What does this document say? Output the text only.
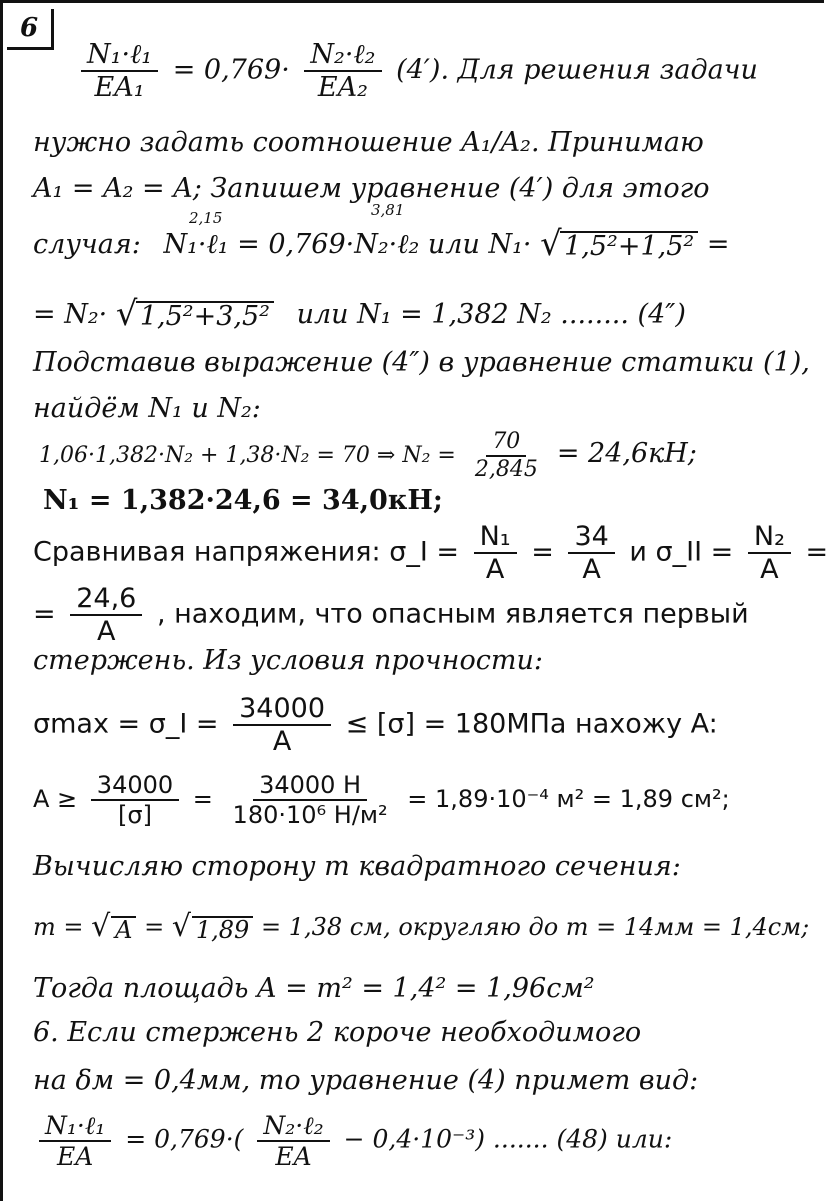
6
$\frac{\text{N₁·ℓ₁}}{\text{EA₁}} = 0,769\cdot \frac{\text{N₂·ℓ₂}}{\text{EA₂}} (4')$. Для решения задачи
нужно задать соотношение A₁/A₂. Принимаю
A₁ = A₂ = A; Запишем уравнение (4′) для этого
2,15	3,81
случая: N₁·ℓ₁ = 0,769·N₂·ℓ₂ или N₁· √ 1,5²+1,5² =
= N₂· √ 1,5²+3,5² или N₁ = 1,382 N₂ ........ (4″)
Подставив выражение (4″) в уравнение статики (1),
найдём N₁ и N₂:
1,06·1,382·N₂ + 1,38·N₂ = 70 ⇒ $N_2 = \frac{70}{2,845} = 24,6кН$;
N₁ = 1,382·24,6 = 34,0кН;
Сравнивая напряжения: σ_I = $\frac{\text{N₁}}{A} = \frac{34}{A}$ и σ_II = $\frac{\text{N₂}}{A}$ =
= $\frac{24,6}{A}$ , находим, что опасным является первый
стержень. Из условия прочности:
σmax = σ_I = $\frac{34000}{A} \le [\sigma] = 180МПа$ нахожу A:
$A \ge \frac{34000}{[\sigma]} = \frac{34000 Н}{\text{180·10⁶ Н/м²}} = 1,89\cdot 10^{-4}$ м² = 1,89 см²;
Вычисляю сторону m квадратного сечения:
m = √ A = √ 1,89 = 1,38 см, округляю до m = 14мм = 1,4см;
Тогда площадь A = m² = 1,4² = 1,96см²
6. Если стержень 2 короче необходимого
на δм = 0,4мм, то уравнение (4) примет вид:
$\frac{\text{N₁·ℓ₁}}{EA} = 0,769\cdot( \frac{\text{N₂·ℓ₂}}{EA} - 0,4\cdot 10^{-3})$ ....... (48) или:
